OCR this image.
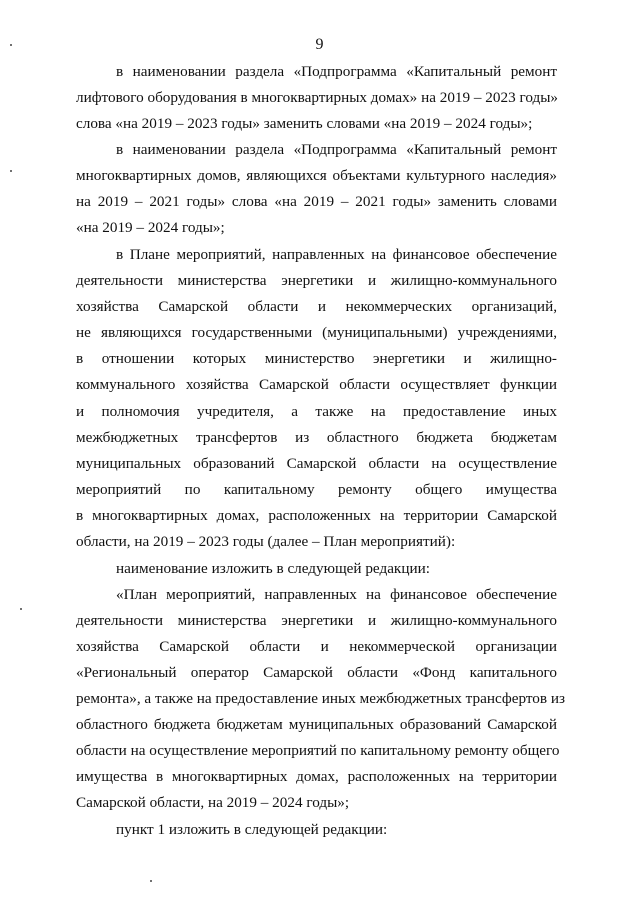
9
в наименовании раздела «Подпрограмма «Капитальный ремонт
лифтового оборудования в многоквартирных домах» на 2019 – 2023 годы»
слова «на 2019 – 2023 годы» заменить словами «на 2019 – 2024 годы»;
в наименовании раздела «Подпрограмма «Капитальный ремонт
многоквартирных домов, являющихся объектами культурного наследия»
на 2019 – 2021 годы» слова «на 2019 – 2021 годы» заменить словами
«на 2019 – 2024 годы»;
в Плане мероприятий, направленных на финансовое обеспечение
деятельности министерства энергетики и жилищно-коммунального
хозяйства Самарской области и некоммерческих организаций,
не являющихся государственными (муниципальными) учреждениями,
в отношении которых министерство энергетики и жилищно-
коммунального хозяйства Самарской области осуществляет функции
и полномочия учредителя, а также на предоставление иных
межбюджетных трансфертов из областного бюджета бюджетам
муниципальных образований Самарской области на осуществление
мероприятий по капитальному ремонту общего имущества
в многоквартирных домах, расположенных на территории Самарской
области, на 2019 – 2023 годы (далее – План мероприятий):
наименование изложить в следующей редакции:
«План мероприятий, направленных на финансовое обеспечение
деятельности министерства энергетики и жилищно-коммунального
хозяйства Самарской области и некоммерческой организации
«Региональный оператор Самарской области «Фонд капитального
ремонта», а также на предоставление иных межбюджетных трансфертов из
областного бюджета бюджетам муниципальных образований Самарской
области на осуществление мероприятий по капитальному ремонту общего
имущества в многоквартирных домах, расположенных на территории
Самарской области, на 2019 – 2024 годы»;
пункт 1 изложить в следующей редакции:
